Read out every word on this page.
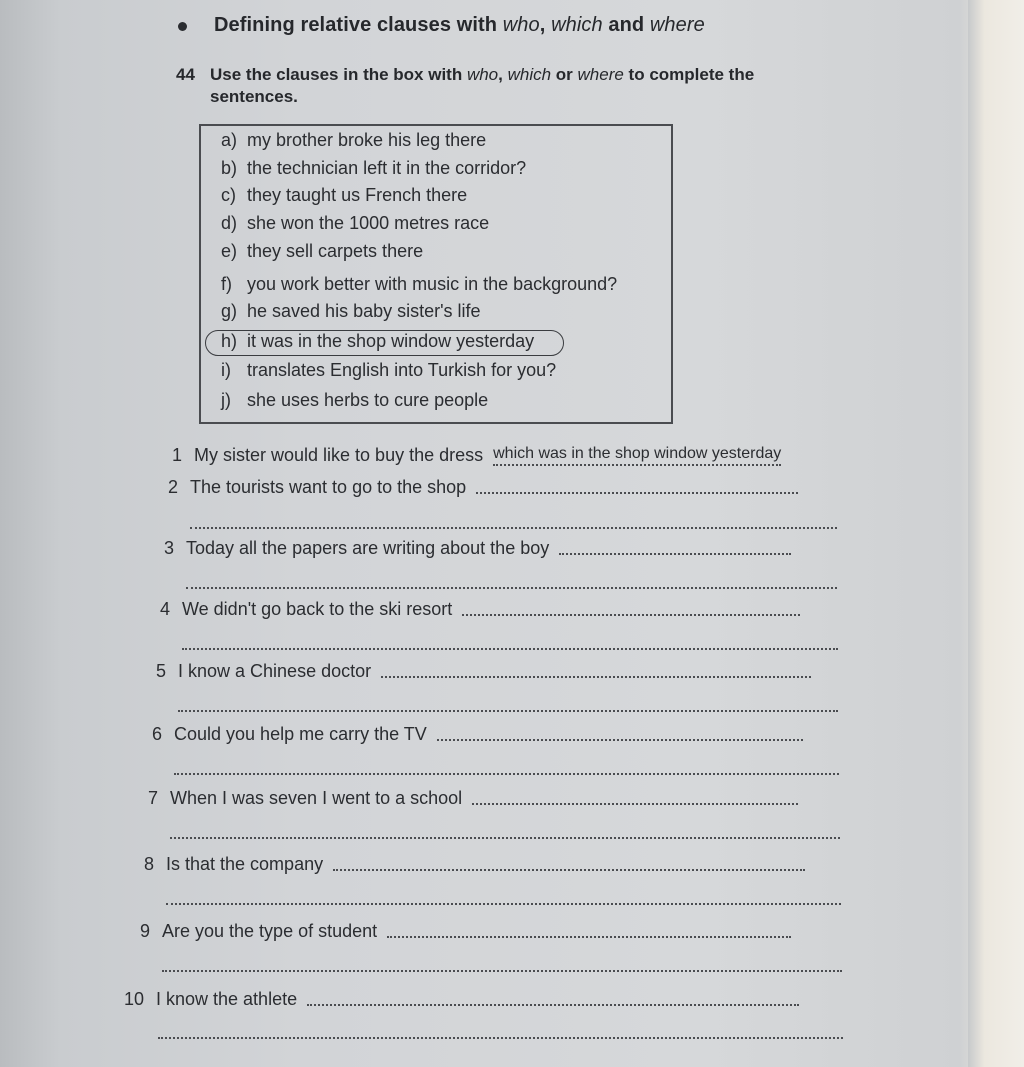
Defining relative clauses with who, which and where
44 Use the clauses in the box with who, which or where to complete the
sentences.
a) my brother broke his leg there
b) the technician left it in the corridor?
c) they taught us French there
d) she won the 1000 metres race
e) they sell carpets there
f) you work better with music in the background?
g) he saved his baby sister's life
h) it was in the shop window yesterday
i) translates English into Turkish for you?
j) she uses herbs to cure people
1 My sister would like to buy the dress which was in the shop window yesterday
2 The tourists want to go to the shop
3 Today all the papers are writing about the boy
4 We didn't go back to the ski resort
5 I know a Chinese doctor
6 Could you help me carry the TV
7 When I was seven I went to a school
8 Is that the company
9 Are you the type of student
10 I know the athlete
